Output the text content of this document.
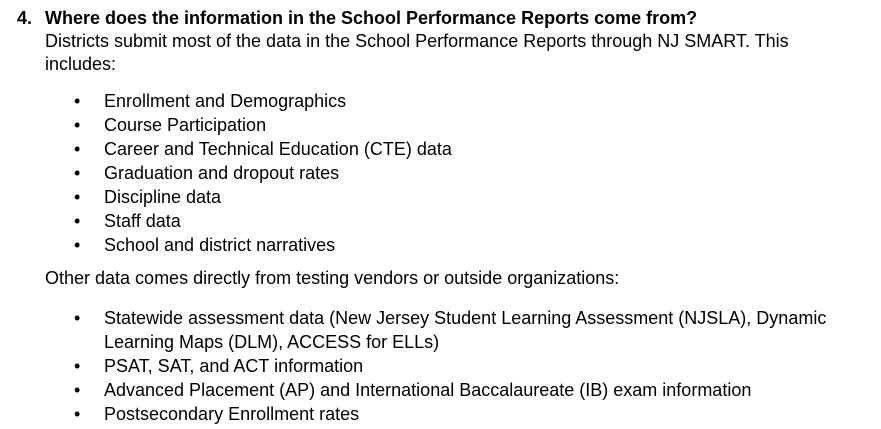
4. Where does the information in the School Performance Reports come from?
Districts submit most of the data in the School Performance Reports through NJ SMART. This includes:
• Enrollment and Demographics
• Course Participation
• Career and Technical Education (CTE) data
• Graduation and dropout rates
• Discipline data
• Staff data
• School and district narratives
Other data comes directly from testing vendors or outside organizations:
• Statewide assessment data (New Jersey Student Learning Assessment (NJSLA), Dynamic Learning Maps (DLM), ACCESS for ELLs)
• PSAT, SAT, and ACT information
• Advanced Placement (AP) and International Baccalaureate (IB) exam information
• Postsecondary Enrollment rates
